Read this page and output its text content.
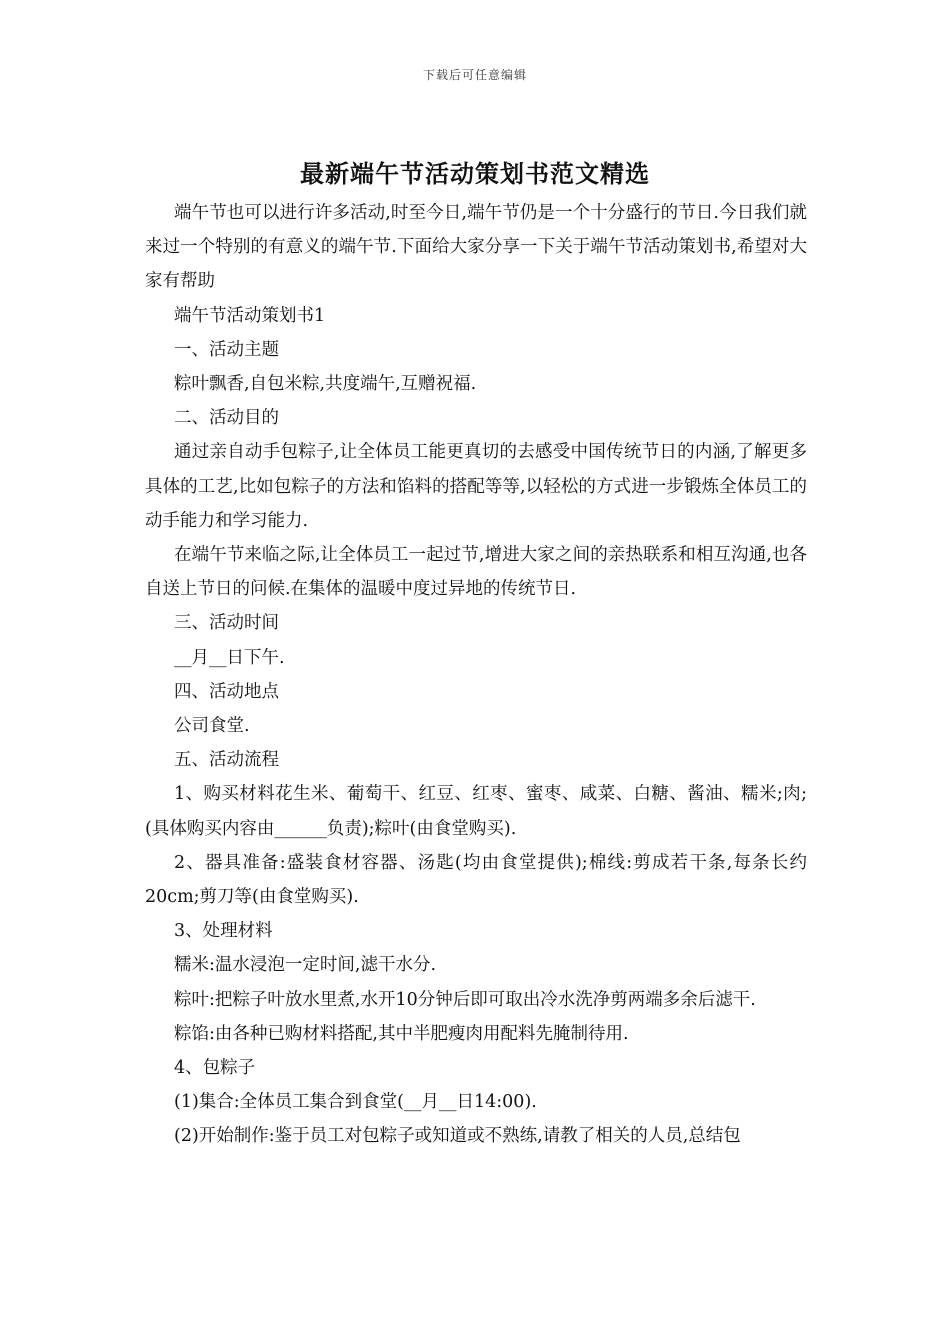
下载后可任意编辑
最新端午节活动策划书范文精选

端午节也可以进行许多活动,时至今日,端午节仍是一个十分盛行的节日.今日我们就来过一个特别的有意义的端午节.下面给大家分享一下关于端午节活动策划书,希望对大家有帮助

端午节活动策划书1

一、活动主题

粽叶飘香,自包米粽,共度端午,互赠祝福.

二、活动目的

通过亲自动手包粽子,让全体员工能更真切的去感受中国传统节日的内涵,了解更多具体的工艺,比如包粽子的方法和馅料的搭配等等,以轻松的方式进一步锻炼全体员工的动手能力和学习能力.

在端午节来临之际,让全体员工一起过节,增进大家之间的亲热联系和相互沟通,也各自送上节日的问候.在集体的温暖中度过异地的传统节日.

三、活动时间

__月__日下午.

四、活动地点

公司食堂.

五、活动流程

1、购买材料花生米、葡萄干、红豆、红枣、蜜枣、咸菜、白糖、酱油、糯米;肉;(具体购买内容由______负责);粽叶(由食堂购买).

2、器具准备:盛装食材容器、汤匙(均由食堂提供);棉线:剪成若干条,每条长约20cm;剪刀等(由食堂购买).

3、处理材料

糯米:温水浸泡一定时间,滤干水分.

粽叶:把粽子叶放水里煮,水开10分钟后即可取出冷水洗净剪两端多余后滤干.

粽馅:由各种已购材料搭配,其中半肥瘦肉用配料先腌制待用.

4、包粽子

(1)集合:全体员工集合到食堂(__月__日14:00).

(2)开始制作:鉴于员工对包粽子或知道或不熟练,请教了相关的人员,总结包
